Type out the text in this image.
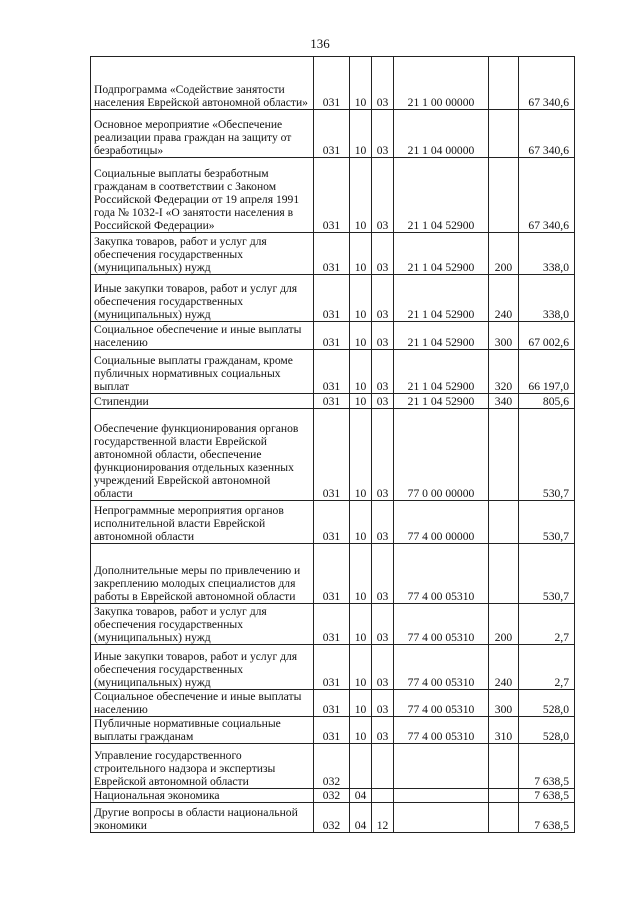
136
Подпрограмма «Содействие занятости населения Еврейской автономной области»	031	10	03	21 1 00 00000		67 340,6
Основное мероприятие «Обеспечение реализации права граждан на защиту от безработицы»	031	10	03	21 1 04 00000		67 340,6
Социальные выплаты безработным гражданам в соответствии с Законом Российской Федерации от 19 апреля 1991 года № 1032-I «О занятости населения в Российской Федерации»	031	10	03	21 1 04 52900		67 340,6
Закупка товаров, работ и услуг для обеспечения государственных (муниципальных) нужд	031	10	03	21 1 04 52900	200	338,0
Иные закупки товаров, работ и услуг для обеспечения государственных (муниципальных) нужд	031	10	03	21 1 04 52900	240	338,0
Социальное обеспечение и иные выплаты населению	031	10	03	21 1 04 52900	300	67 002,6
Социальные выплаты гражданам, кроме публичных нормативных социальных выплат	031	10	03	21 1 04 52900	320	66 197,0
Стипендии	031	10	03	21 1 04 52900	340	805,6
Обеспечение функционирования органов государственной власти Еврейской автономной области, обеспечение функционирования отдельных казенных учреждений Еврейской автономной области	031	10	03	77 0 00 00000		530,7
Непрограммные мероприятия органов исполнительной власти Еврейской автономной области	031	10	03	77 4 00 00000		530,7
Дополнительные меры по привлечению и закреплению молодых специалистов для работы в Еврейской автономной области	031	10	03	77 4 00 05310		530,7
Закупка товаров, работ и услуг для обеспечения государственных (муниципальных) нужд	031	10	03	77 4 00 05310	200	2,7
Иные закупки товаров, работ и услуг для обеспечения государственных (муниципальных) нужд	031	10	03	77 4 00 05310	240	2,7
Социальное обеспечение и иные выплаты населению	031	10	03	77 4 00 05310	300	528,0
Публичные нормативные социальные выплаты гражданам	031	10	03	77 4 00 05310	310	528,0
Управление государственного строительного надзора и экспертизы Еврейской автономной области	032					7 638,5
Национальная экономика	032	04				7 638,5
Другие вопросы в области национальной экономики	032	04	12			7 638,5
